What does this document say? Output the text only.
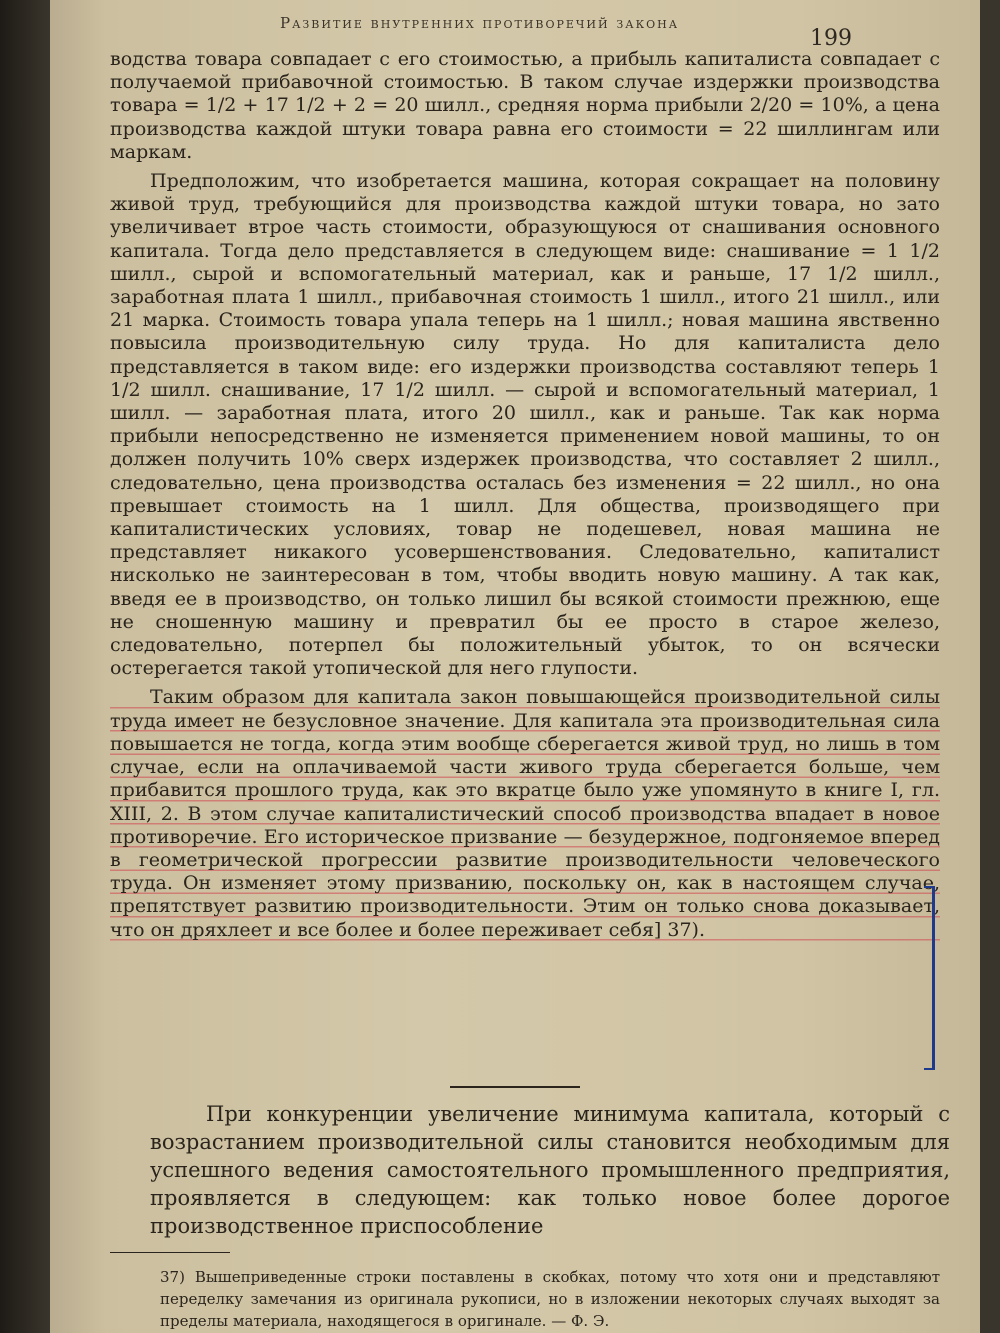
Развитие внутренних противоречий закона
199

водства товара совпадает с его стоимостью, а прибыль капиталиста совпадает с получаемой прибавочной стоимостью. В таком случае издержки производства товара = 1/2 + 17 1/2 + 2 = 20 шилл., средняя норма прибыли 2/20 = 10%, а цена производства каждой штуки товара равна его стоимости = 22 шиллингам или маркам.

Предположим, что изобретается машина, которая сокращает на половину живой труд, требующийся для производства каждой штуки товара, но зато увеличивает втрое часть стоимости, образующуюся от снашивания основного капитала. Тогда дело представляется в следующем виде: снашивание = 1 1/2 шилл., сырой и вспомогательный материал, как и раньше, 17 1/2 шилл., заработная плата 1 шилл., прибавочная стоимость 1 шилл., итого 21 шилл., или 21 марка. Стоимость товара упала теперь на 1 шилл.; новая машина явственно повысила производительную силу труда. Но для капиталиста дело представляется в таком виде: его издержки производства составляют теперь 1 1/2 шилл. снашивание, 17 1/2 шилл. — сырой и вспомогательный материал, 1 шилл. — заработная плата, итого 20 шилл., как и раньше. Так как норма прибыли непосредственно не изменяется применением новой машины, то он должен получить 10% сверх издержек производства, что составляет 2 шилл., следовательно, цена производства осталась без изменения = 22 шилл., но она превышает стоимость на 1 шилл. Для общества, производящего при капиталистических условиях, товар не подешевел, новая машина не представляет никакого усовершенствования. Следовательно, капиталист нисколько не заинтересован в том, чтобы вводить новую машину. А так как, введя ее в производство, он только лишил бы всякой стоимости прежнюю, еще не сношенную машину и превратил бы ее просто в старое железо, следовательно, потерпел бы положительный убыток, то он всячески остерегается такой утопической для него глупости.

Таким образом для капитала закон повышающейся производительной силы труда имеет не безусловное значение. Для капитала эта производительная сила повышается не тогда, когда этим вообще сберегается живой труд, но лишь в том случае, если на оплачиваемой части живого труда сберегается больше, чем прибавится прошлого труда, как это вкратце было уже упомянуто в книге I, гл. XIII, 2. В этом случае капиталистический способ производства впадает в новое противоречие. Его историческое призвание — безудержное, подгоняемое вперед в геометрической прогрессии развитие производительности человеческого труда. Он изменяет этому призванию, поскольку он, как в настоящем случае, препятствует развитию производительности. Этим он только снова доказывает, что он дряхлеет и все более и более переживает себя] 37).

При конкуренции увеличение минимума капитала, который с возрастанием производительной силы становится необходимым для успешного ведения самостоятельного промышленного предприятия, проявляется в следующем: как только новое более дорогое производственное приспособление

37) Вышеприведенные строки поставлены в скобках, потому что хотя они и представляют переделку замечания из оригинала рукописи, но в изложении некоторых случаях выходят за пределы материала, находящегося в оригинале. — Ф. Э.
